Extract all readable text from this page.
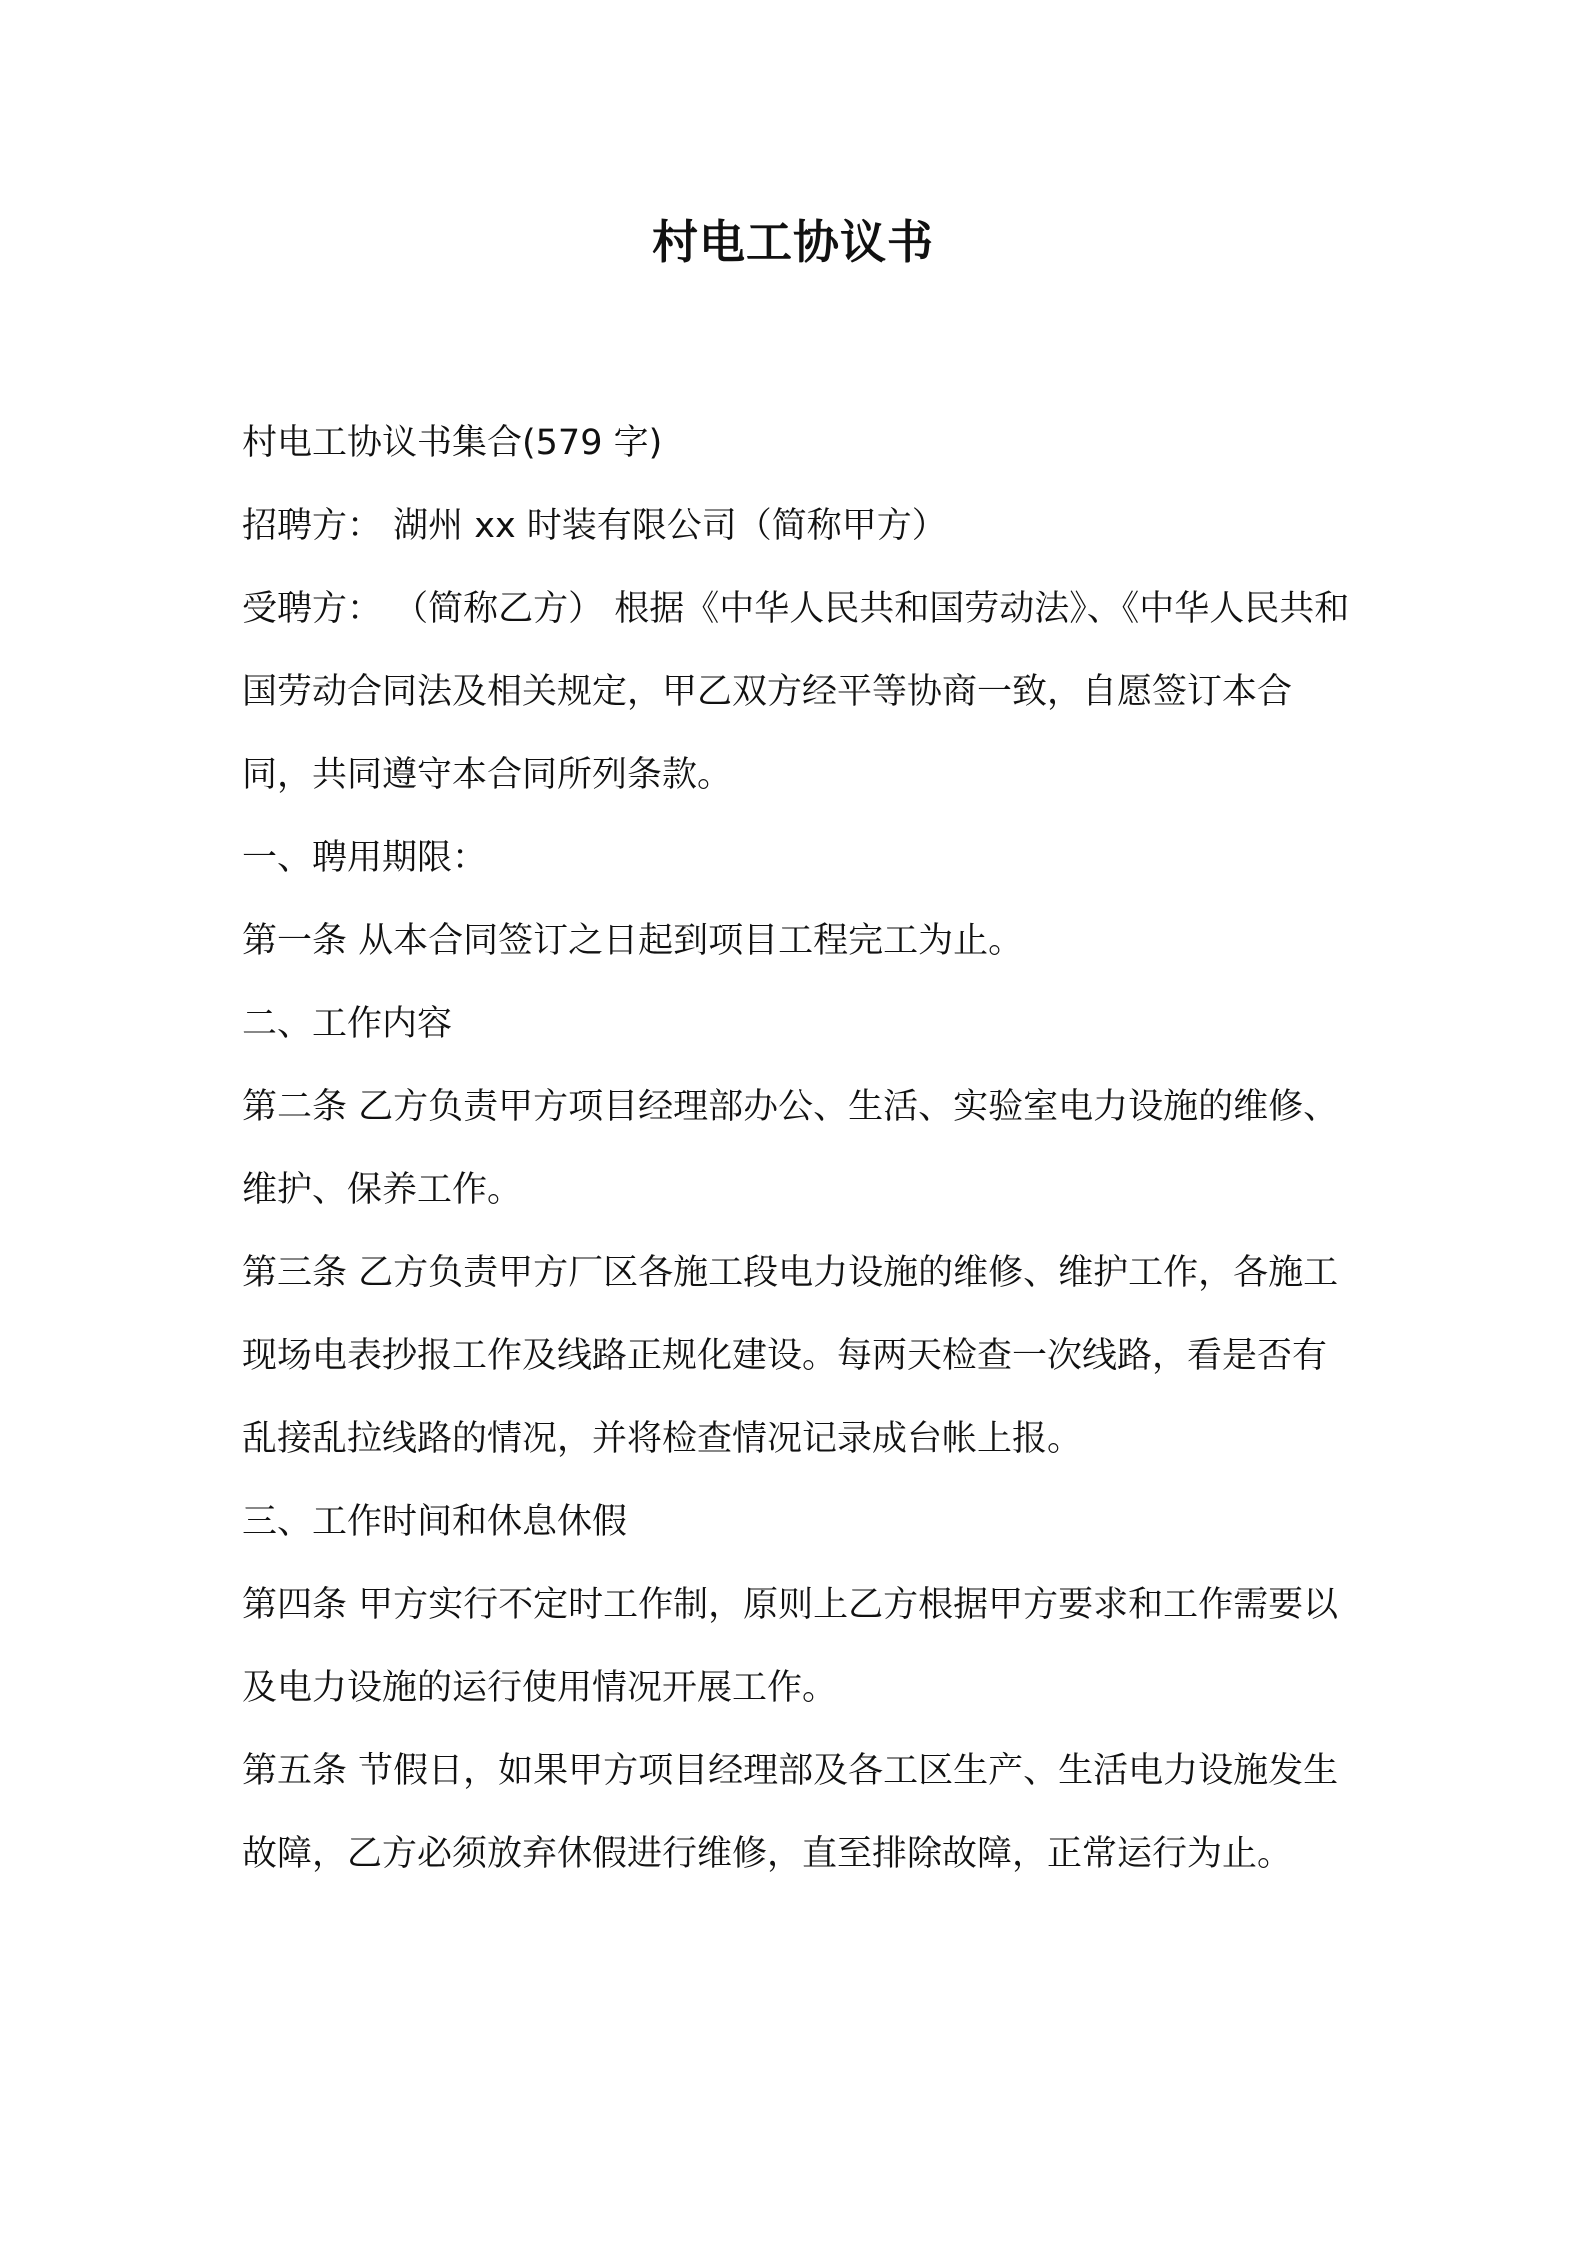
村电工协议书

村电工协议书集合(579 字)

招聘方： 湖州 xx 时装有限公司（简称甲方）

受聘方： （简称乙方） 根据《中华人民共和国劳动法》、《中华人民共和国劳动合同法及相关规定，甲乙双方经平等协商一致，自愿签订本合同，共同遵守本合同所列条款。

一、聘用期限：

第一条 从本合同签订之日起到项目工程完工为止。

二、工作内容

第二条 乙方负责甲方项目经理部办公、生活、实验室电力设施的维修、维护、保养工作。

第三条 乙方负责甲方厂区各施工段电力设施的维修、维护工作，各施工现场电表抄报工作及线路正规化建设。每两天检查一次线路，看是否有乱接乱拉线路的情况，并将检查情况记录成台帐上报。

三、工作时间和休息休假

第四条 甲方实行不定时工作制，原则上乙方根据甲方要求和工作需要以及电力设施的运行使用情况开展工作。

第五条 节假日，如果甲方项目经理部及各工区生产、生活电力设施发生故障，乙方必须放弃休假进行维修，直至排除故障，正常运行为止。
